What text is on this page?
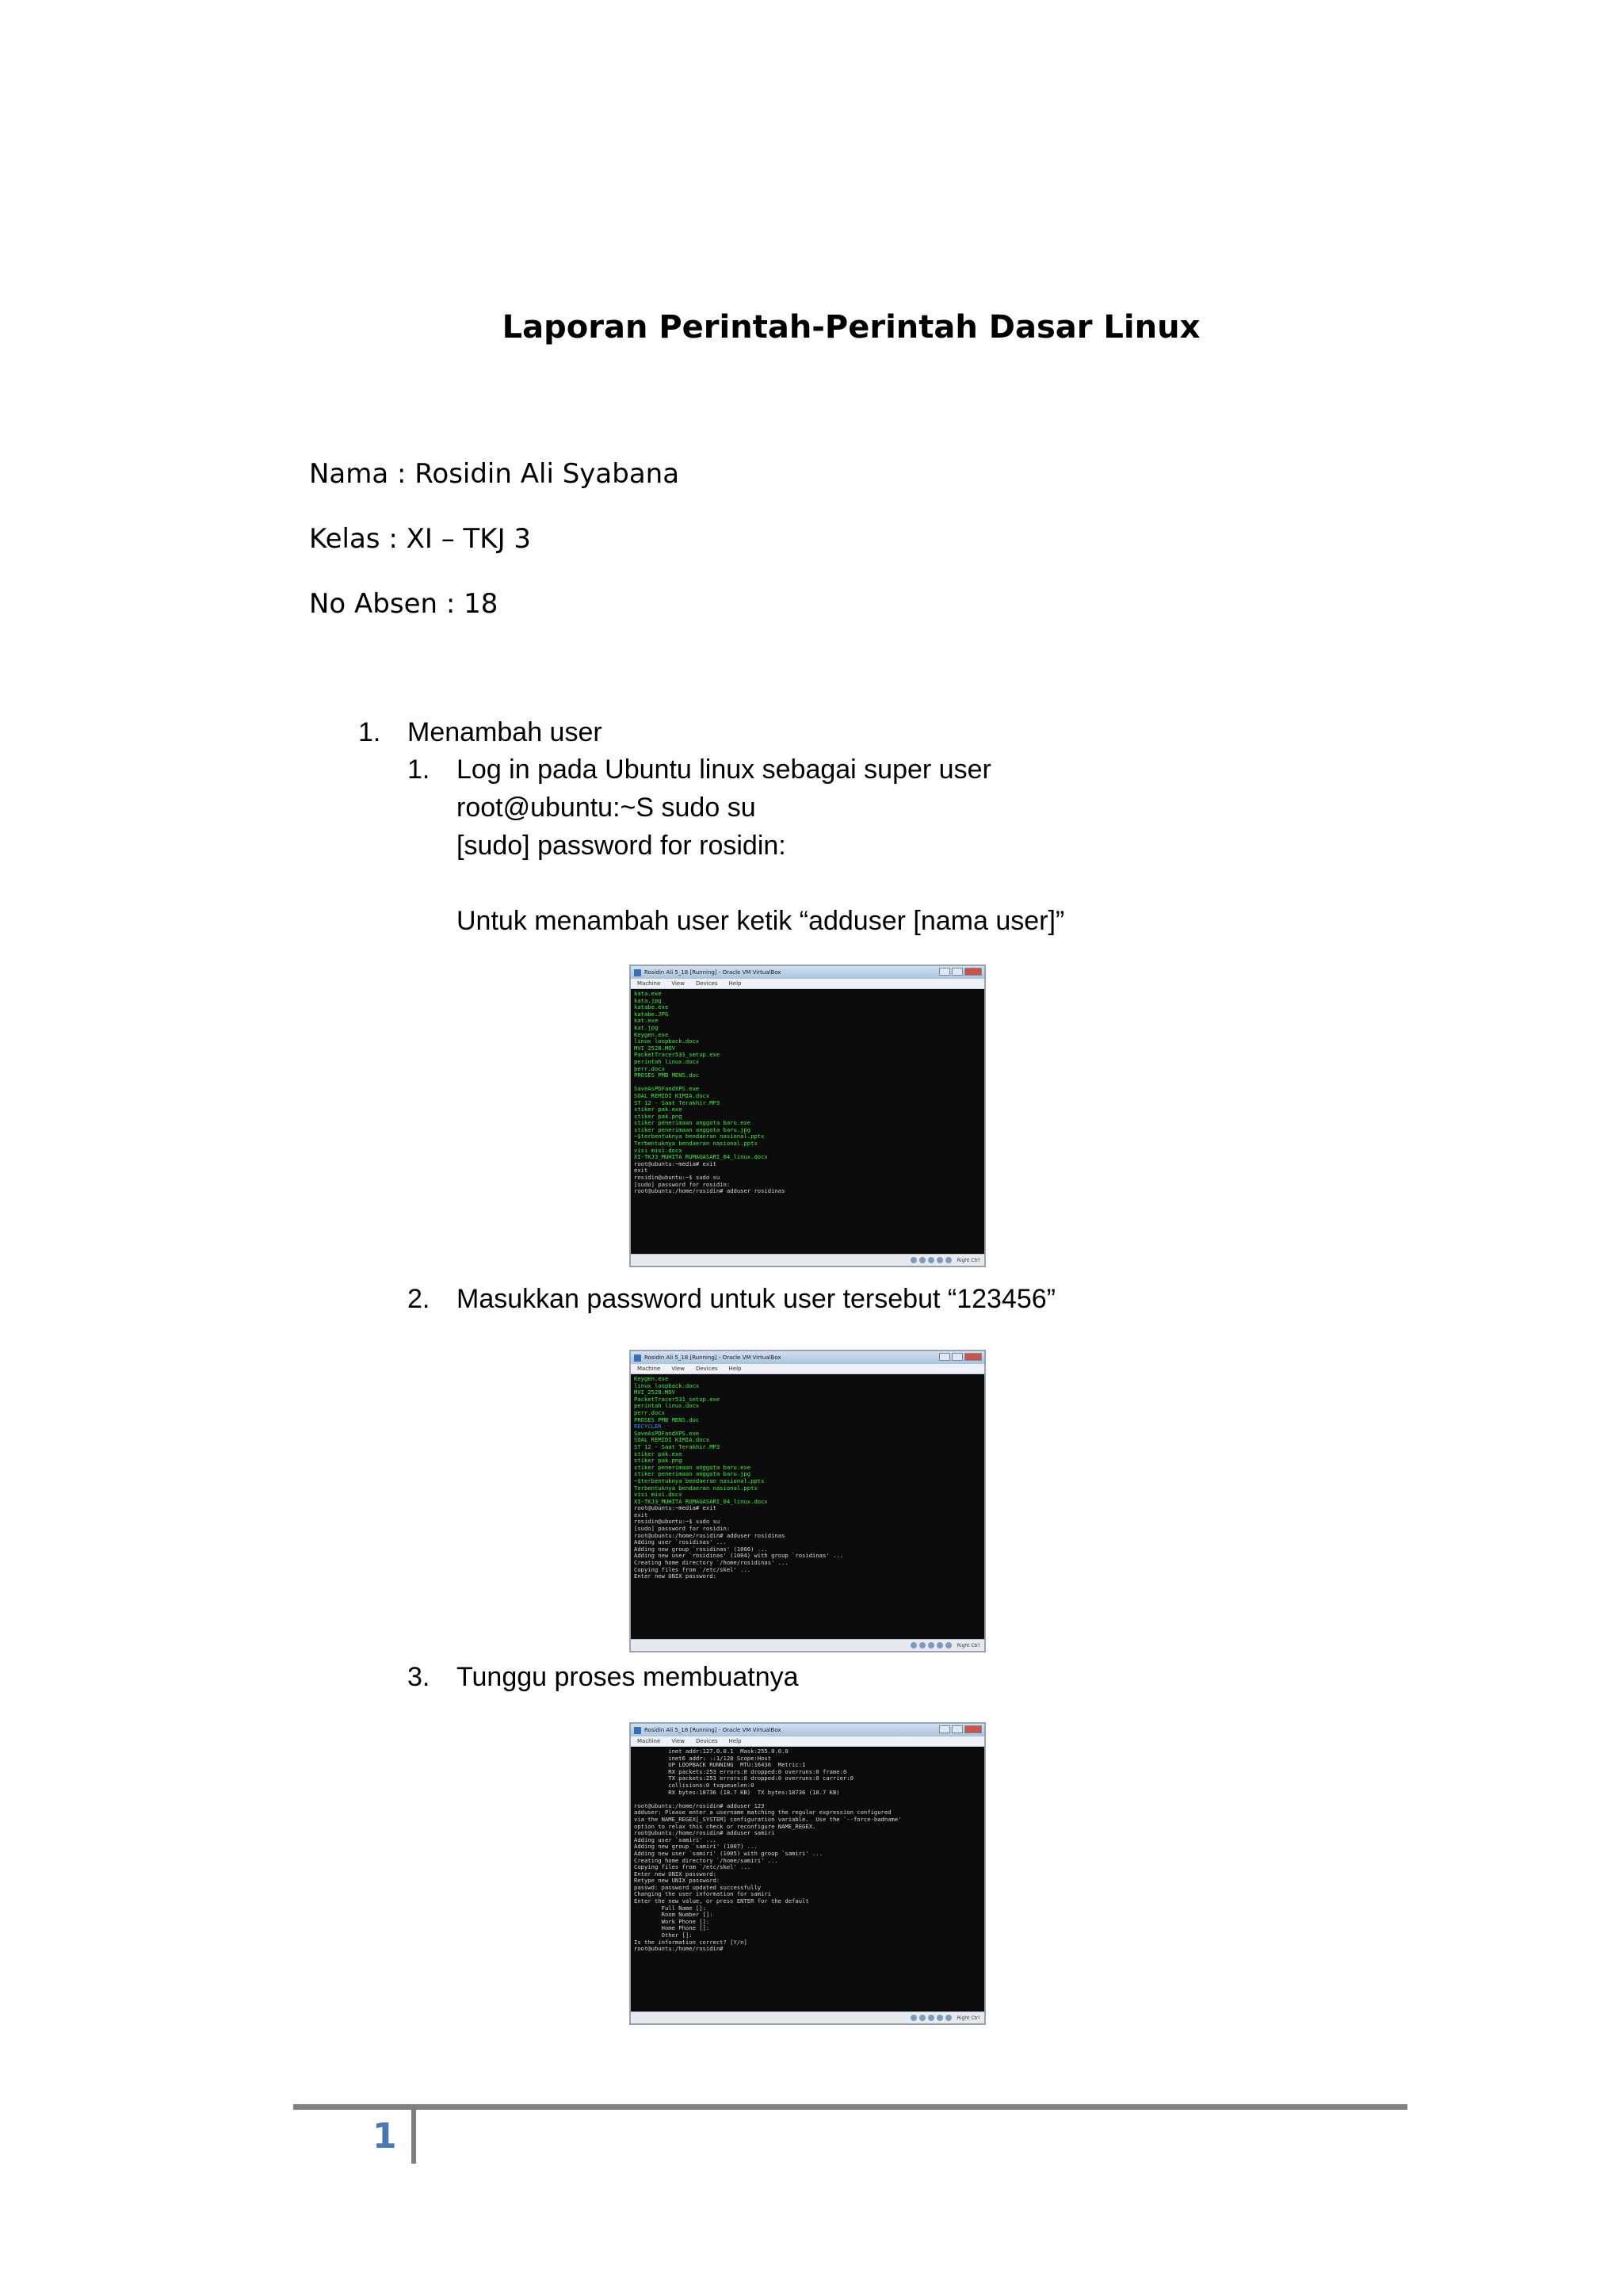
Laporan Perintah-Perintah Dasar Linux
Nama : Rosidin Ali Syabana
Kelas : XI – TKJ 3
No Absen : 18
1. Menambah user
1. Log in pada Ubuntu linux sebagai super user
root@ubuntu:~S sudo su
[sudo] password for rosidin:
Untuk menambah user ketik “adduser [nama user]”
Rosidin Ali 5_18 [Running] - Oracle VM VirtualBox
Machine View Devices Help
kata.exe
kata.jpg
katabe.exe
katabe.JPG
kat.exe
kat.jpg
Keygen.exe
linux loopback.docx
MVI_2528.MOV
PacketTracer531_setup.exe
perintah linux.docx
perr.docx
PROSES PMB MENS.doc

SaveAsPDFandXPS.exe
SOAL REMIDI KIMIA.docx
ST 12 - Saat Terakhir.MP3
stiker pak.exe
stiker pak.png
stiker penerimaan anggota baru.exe
stiker penerimaan anggota baru.jpg
~$terbentuknya bendaeran nasional.pptx
Terbentuknya bendaeran nasional.pptx
visi misi.docx
XI-TKJ3_MUHITA RUMAGASARI_04_linux.docx
root@ubuntu:~media# exit
exit
rosidin@ubuntu:~$ sudo su
[sudo] password for rosidin:
root@ubuntu:/home/rosidin# adduser rosidinas
Right Ctrl
2. Masukkan password untuk user tersebut “123456”
Rosidin Ali 5_18 [Running] - Oracle VM VirtualBox
Machine View Devices Help
Keygen.exe
linux loopback.docx
MVI_2528.MOV
PacketTracer531_setup.exe
perintah linux.docx
perr.docx
PROSES PMB MENS.doc
RECYCLER
SaveAsPDFandXPS.exe
SOAL REMIDI KIMIA.docx
ST 12 - Saat Terakhir.MP3
stiker pak.exe
stiker pak.png
stiker penerimaan anggota baru.exe
stiker penerimaan anggota baru.jpg
~$terbentuknya bendaeran nasional.pptx
Terbentuknya bendaeran nasional.pptx
visi misi.docx
XI-TKJ3_MUHITA RUMAGASARI_04_linux.docx
root@ubuntu:~media# exit
exit
rosidin@ubuntu:~$ sudo su
[sudo] password for rosidin:
root@ubuntu:/home/rosidin# adduser rosidinas
Adding user `rosidinas' ...
Adding new group `rosidinas' (1006) ...
Adding new user `rosidinas' (1004) with group `rosidinas' ...
Creating home directory `/home/rosidinas' ...
Copying files from `/etc/skel' ...
Enter new UNIX password:
Right Ctrl
3. Tunggu proses membuatnya
Rosidin Ali 5_18 [Running] - Oracle VM VirtualBox
Machine View Devices Help
inet addr:127.0.0.1  Mask:255.0.0.0
inet6 addr: ::1/128 Scope:Host
UP LOOPBACK RUNNING  MTU:16436  Metric:1
RX packets:253 errors:0 dropped:0 overruns:0 frame:0
TX packets:253 errors:0 dropped:0 overruns:0 carrier:0
collisions:0 txqueuelen:0
RX bytes:18736 (18.7 KB)  TX bytes:18736 (18.7 KB)

root@ubuntu:/home/rosidin# adduser 123
adduser: Please enter a username matching the regular expression configured
via the NAME_REGEX[_SYSTEM] configuration variable.  Use the `--force-badname'
option to relax this check or reconfigure NAME_REGEX.
root@ubuntu:/home/rosidin# adduser samiri
Adding user `samiri' ...
Adding new group `samiri' (1007) ...
Adding new user `samiri' (1005) with group `samiri' ...
Creating home directory `/home/samiri' ...
Copying files from `/etc/skel' ...
Enter new UNIX password:
Retype new UNIX password:
passwd: password updated successfully
Changing the user information for samiri
Enter the new value, or press ENTER for the default
Full Name []:
Room Number []:
Work Phone []:
Home Phone []:
Other []:
Is the information correct? [Y/n]
root@ubuntu:/home/rosidin#
Right Ctrl
1
